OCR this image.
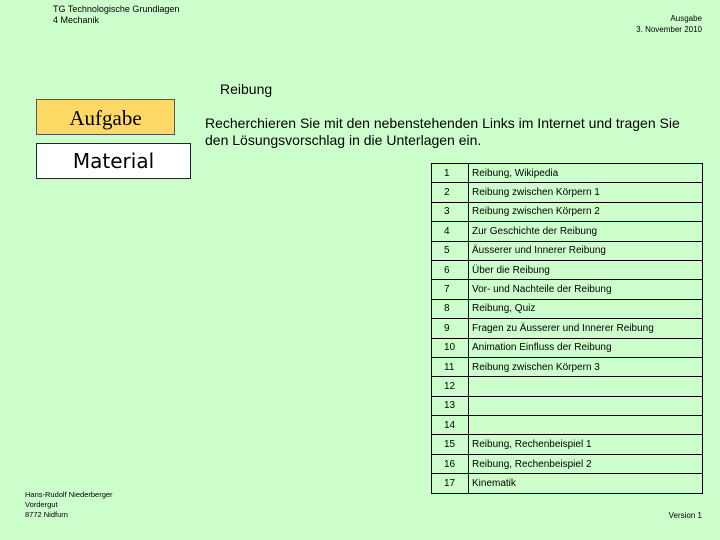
TG Technologische Grundlagen
4 Mechanik	Ausgabe
3. November 2010
Reibung
Aufgabe
Material
Recherchieren Sie mit den nebenstehenden Links im Internet und tragen Sie den Lösungsvorschlag in die Unterlagen ein.
1	Reibung, Wikipedia
2	Reibung zwischen Körpern 1
3	Reibung zwischen Körpern 2
4	Zur Geschichte der Reibung
5	Äusserer und Innerer Reibung
6	Über die Reibung
7	Vor- und Nachteile der Reibung
8	Reibung, Quiz
9	Fragen zu Äusserer und Innerer Reibung
10	Animation Einfluss der Reibung
11	Reibung zwischen Körpern 3
12	
13	
14	
15	Reibung, Rechenbeispiel 1
16	Reibung, Rechenbeispiel 2
17	Kinematik
Hans-Rudolf Niederberger
Vordergut
8772 Nidfurn	Version 1
